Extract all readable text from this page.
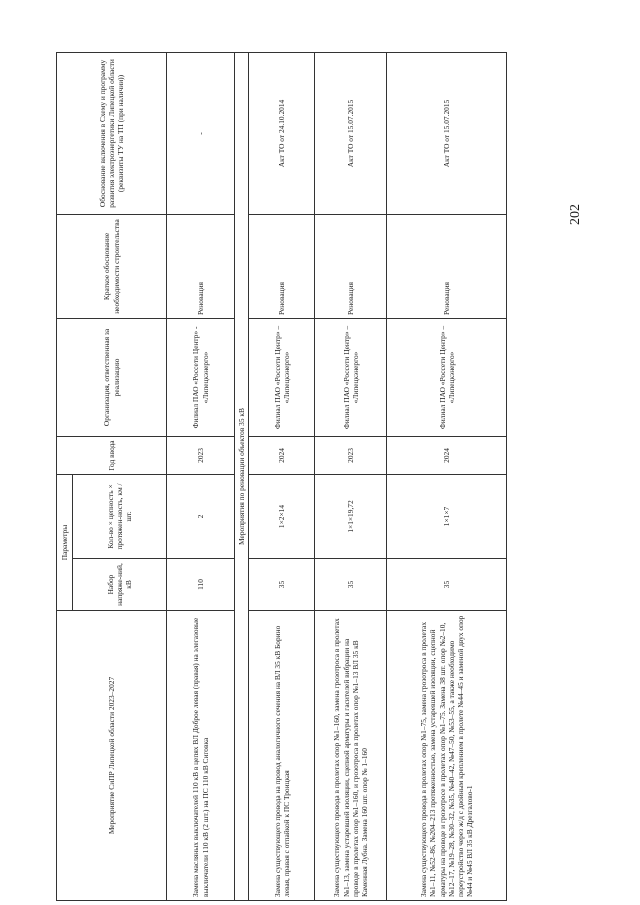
Мероприятие СиПР Липецкой области 2023–2027	Параметры		Год ввода	Организация, ответственная за реализацию	Краткое обоснование необходимости строительства	Обоснование включения в Схему и программу развития электроэнергетики Липецкой области (реквизиты ТУ на ТП (при наличии))
	Набор напряже-ний, кВ	Кол-во × цепность × протяжен-ность, км / шт.				
Замена масляных выключателей 110 кВ в цепях ВЛ Доброе левая (правая) на элегазовые выключатели 110 кВ (2 шт.) на ПС 110 кВ Сиговка	110	2	2023	Филиал ПАО «Россети Центр» - «Липецкэнерго»	Реновация	-
Мероприятия по реновации объектов 35 кВ						
Замена существующего провода на провод аналогичного сечения на ВЛ 35 кВ Борино левая, правая с отпайкой к ПС Троицкая	35	1×2×14	2024	Филиал ПАО «Россети Центр» – «Липецкэнерго»	Реновация	Акт ТО от 24.10.2014
Замена существующего провода в пролетах опор №1–160, замена грозотроса в пролетах №1–13, замена устаревшей изоляции, сцепной арматуры и гасителей вибрации на проводе в пролетах опор №1–160, и грозотроса в пролетах опор №1–13 ВЛ 35 кВ Каменная Лубна. Замена 160 шт. опор № 1–160	35	1×1×19,72	2023	Филиал ПАО «Россети Центр» – «Липецкэнерго»	Реновация	Акт ТО от 15.07.2015
Замена существующего провода в пролетах опор №1–75, замена грозотроса в пролетах №1–11, №52–86, №204–213 протяженностью, замена устаревшей изоляции, сцепной арматуры на проводе и грозотросе в пролетах опор №1–75. Замена 38 шт. опор №2–10, №12–17, №19–28, №30–32, №35, №40–42, №47–50, №53–55, а также необходимо переустройство через ж/д с двойным креплением в пролете №44–45 и заменой двух опор №44 и №45 ВЛ 35 кВ Дрезгалово-1	35	1×1×7	2024	Филиал ПАО «Россети Центр» – «Липецкэнерго»	Реновация	Акт ТО от 15.07.2015
202
